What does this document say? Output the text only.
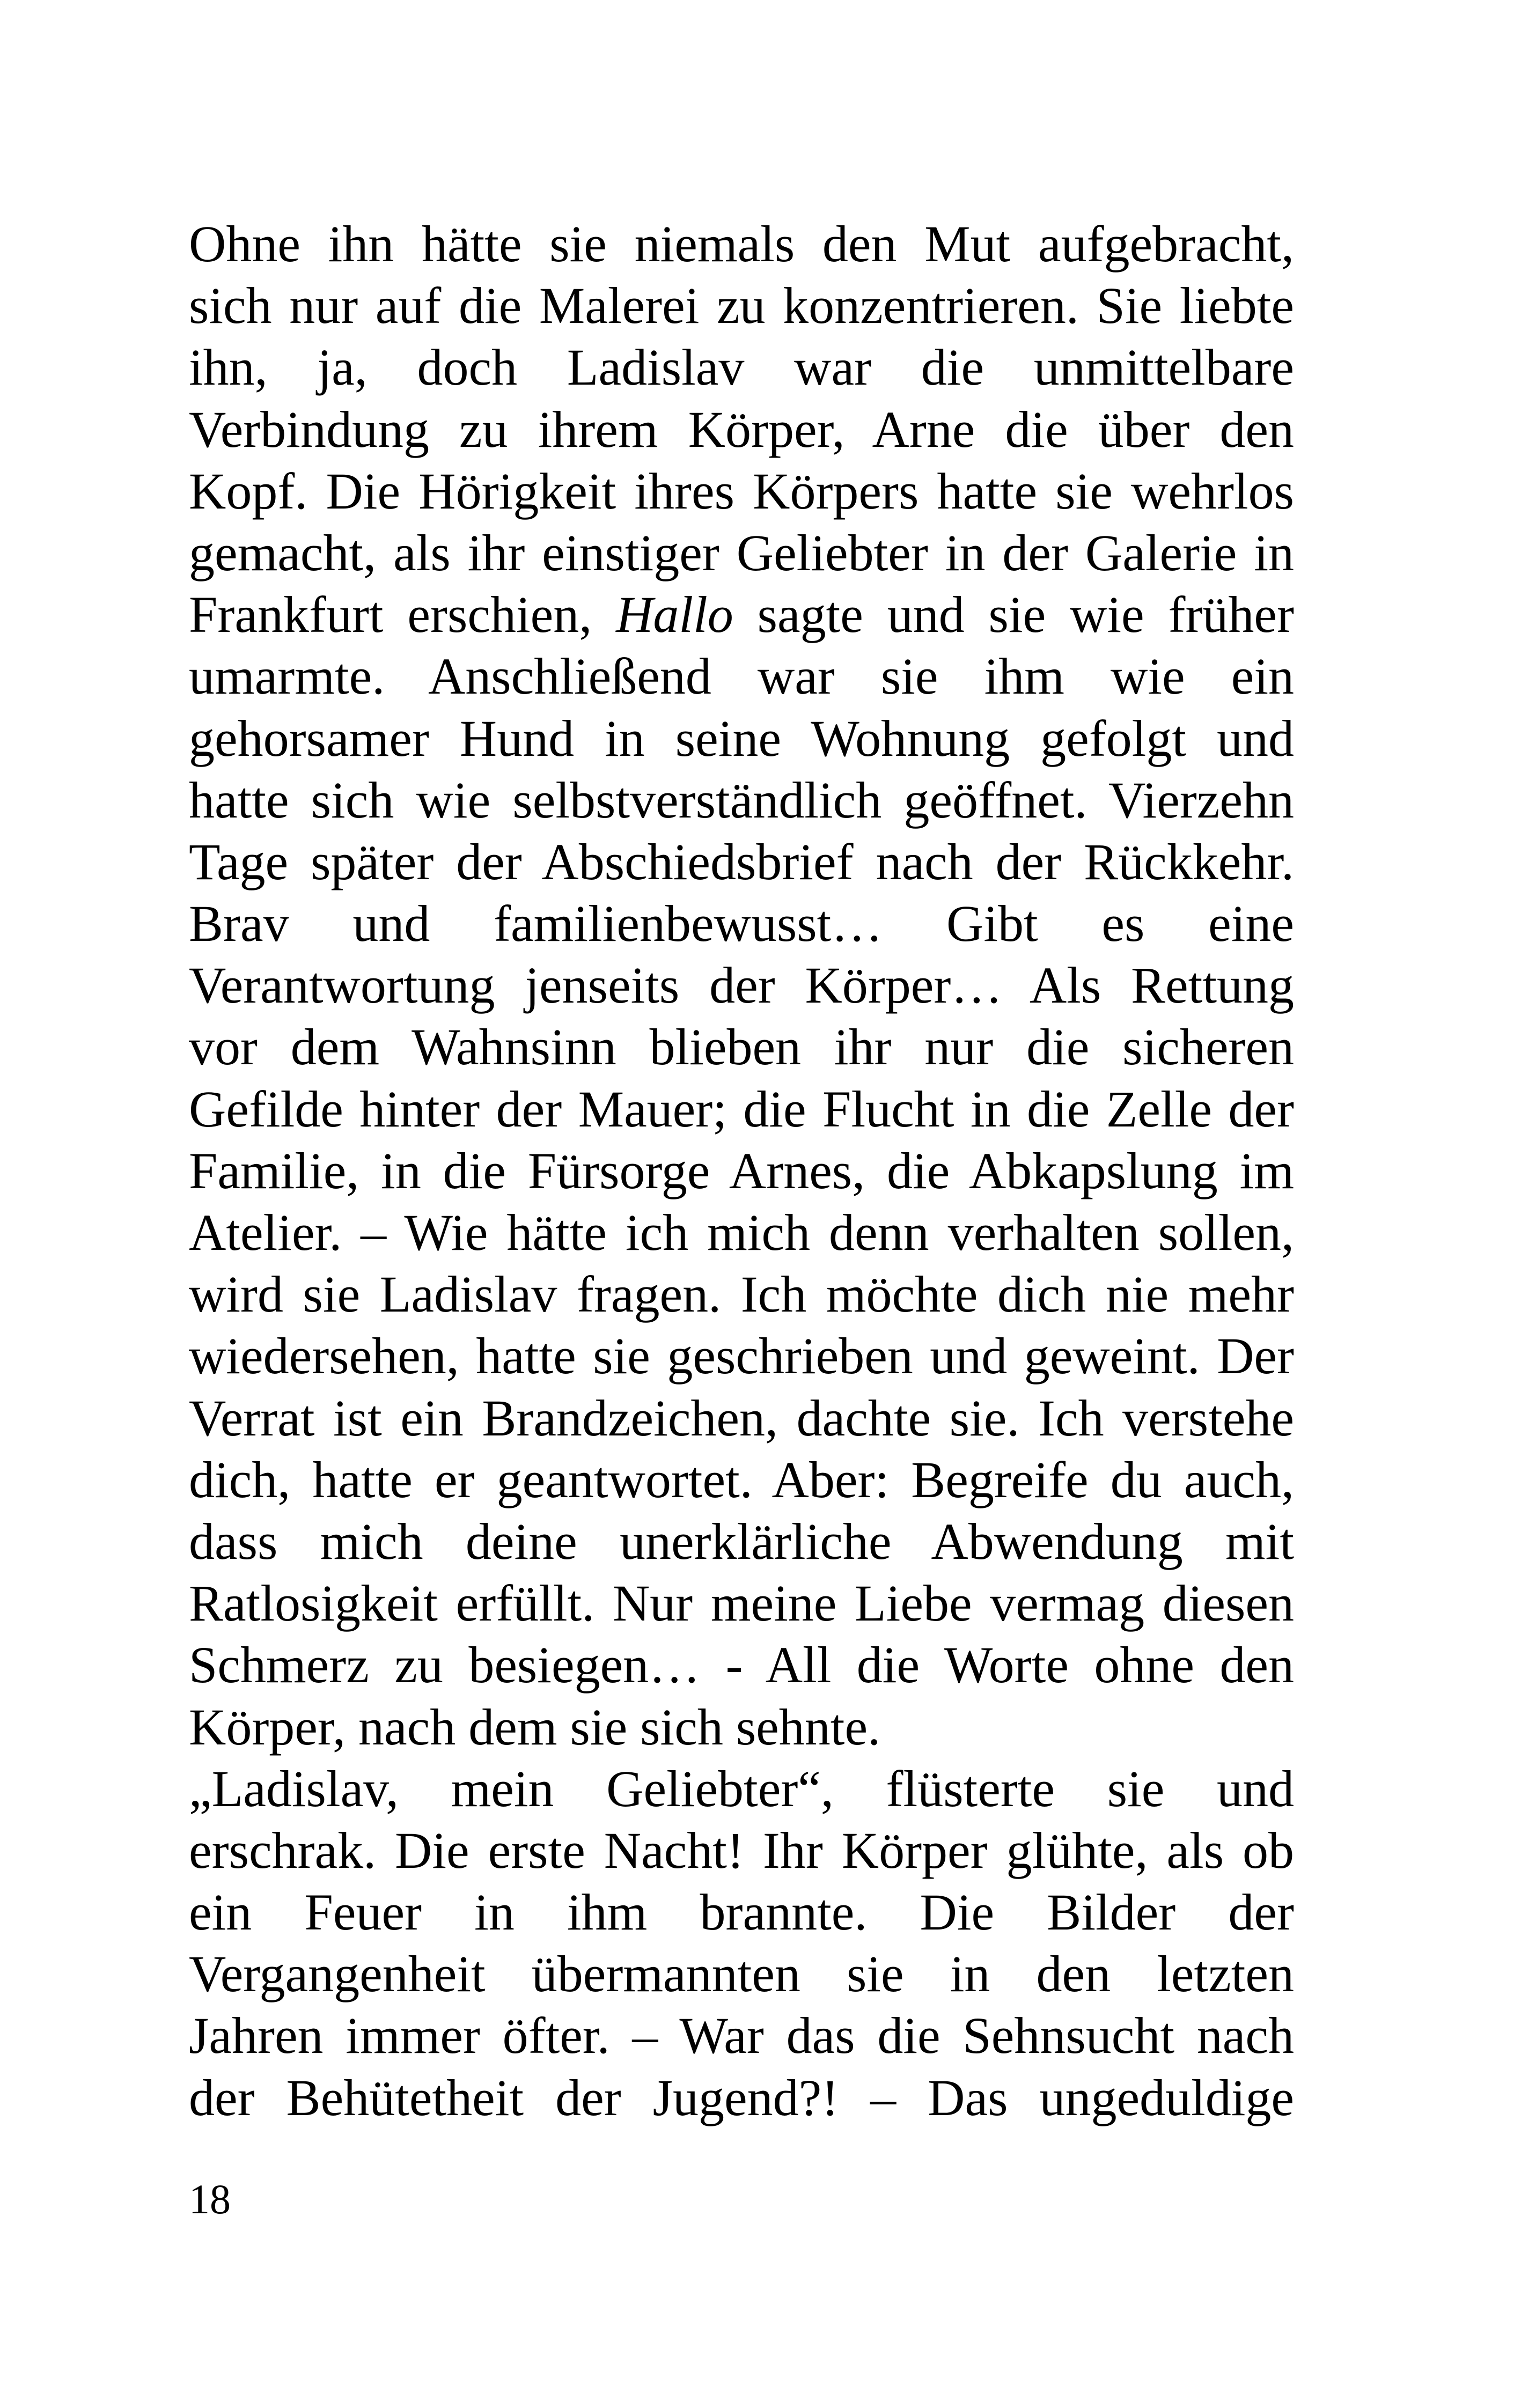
Ohne ihn hätte sie niemals den Mut aufgebracht,
sich nur auf die Malerei zu konzentrieren. Sie liebte
ihn, ja, doch Ladislav war die unmittelbare
Verbindung zu ihrem Körper, Arne die über den
Kopf. Die Hörigkeit ihres Körpers hatte sie wehrlos
gemacht, als ihr einstiger Geliebter in der Galerie in
Frankfurt erschien, Hallo sagte und sie wie früher
umarmte. Anschließend war sie ihm wie ein
gehorsamer Hund in seine Wohnung gefolgt und
hatte sich wie selbstverständlich geöffnet. Vierzehn
Tage später der Abschiedsbrief nach der Rückkehr.
Brav und familienbewusst… Gibt es eine
Verantwortung jenseits der Körper… Als Rettung
vor dem Wahnsinn blieben ihr nur die sicheren
Gefilde hinter der Mauer; die Flucht in die Zelle der
Familie, in die Fürsorge Arnes, die Abkapslung im
Atelier. – Wie hätte ich mich denn verhalten sollen,
wird sie Ladislav fragen. Ich möchte dich nie mehr
wiedersehen, hatte sie geschrieben und geweint. Der
Verrat ist ein Brandzeichen, dachte sie. Ich verstehe
dich, hatte er geantwortet. Aber: Begreife du auch,
dass mich deine unerklärliche Abwendung mit
Ratlosigkeit erfüllt. Nur meine Liebe vermag diesen
Schmerz zu besiegen… - All die Worte ohne den
Körper, nach dem sie sich sehnte.
„Ladislav, mein Geliebter“, flüsterte sie und
erschrak. Die erste Nacht! Ihr Körper glühte, als ob
ein Feuer in ihm brannte. Die Bilder der
Vergangenheit übermannten sie in den letzten
Jahren immer öfter. – War das die Sehnsucht nach
der Behütetheit der Jugend?! – Das ungeduldige
18
